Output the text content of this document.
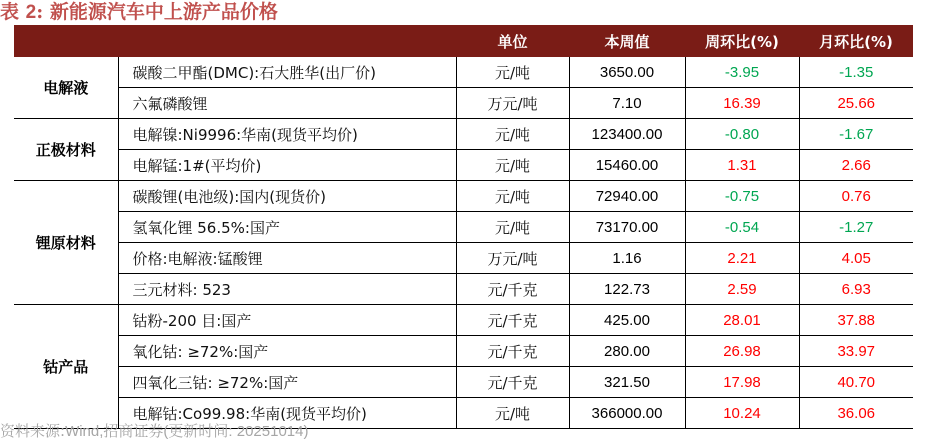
表 2: 新能源汽车中上游产品价格
		单位	本周值	周环比(%)	月环比(%)
电解液	碳酸二甲酯(DMC):石大胜华(出厂价)	元/吨	3650.00	-3.95	-1.35
	六氟磷酸锂	万元/吨	7.10	16.39	25.66
正极材料	电解镍:Ni9996:华南(现货平均价)	元/吨	123400.00	-0.80	-1.67
	电解锰:1#(平均价)	元/吨	15460.00	1.31	2.66
锂原材料	碳酸锂(电池级):国内(现货价)	元/吨	72940.00	-0.75	0.76
	氢氧化锂 56.5%:国产	元/吨	73170.00	-0.54	-1.27
	价格:电解液:锰酸锂	万元/吨	1.16	2.21	4.05
	三元材料: 523	元/千克	122.73	2.59	6.93
钴产品	钴粉-200 目:国产	元/千克	425.00	28.01	37.88
	氧化钴: ≥72%:国产	元/千克	280.00	26.98	33.97
	四氧化三钴: ≥72%:国产	元/千克	321.50	17.98	40.70
	电解钴:Co99.98:华南(现货平均价)	元/吨	366000.00	10.24	36.06
资料来源:Wind,招商证券(更新时间: 20251014)
